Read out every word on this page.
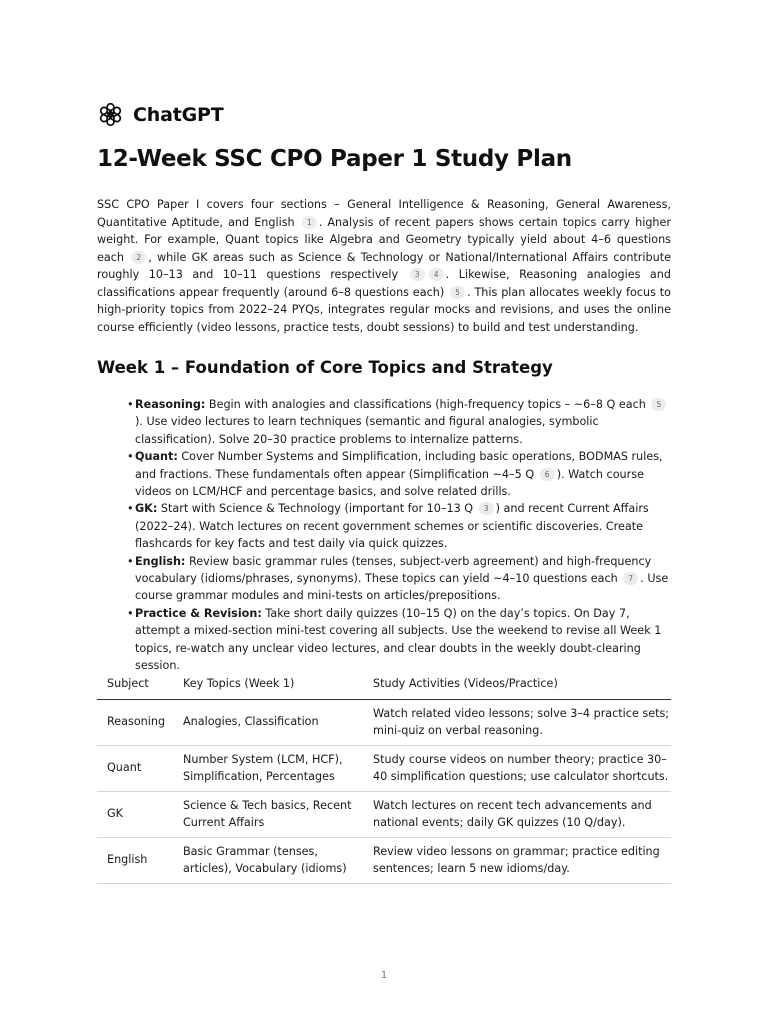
ChatGPT
12-Week SSC CPO Paper 1 Study Plan

SSC CPO Paper I covers four sections – General Intelligence & Reasoning, General Awareness, Quantitative Aptitude, and English 1 . Analysis of recent papers shows certain topics carry higher weight. For example, Quant topics like Algebra and Geometry typically yield about 4–6 questions each 2 , while GK areas such as Science & Technology or National/International Affairs contribute roughly 10–13 and 10–11 questions respectively 3 4 . Likewise, Reasoning analogies and classifications appear frequently (around 6–8 questions each) 5 . This plan allocates weekly focus to high-priority topics from 2022–24 PYQs, integrates regular mocks and revisions, and uses the online course efficiently (video lessons, practice tests, doubt sessions) to build and test understanding.

Week 1 – Foundation of Core Topics and Strategy
• Reasoning: Begin with analogies and classifications (high-frequency topics – ~6–8 Q each 5). Use video lectures to learn techniques (semantic and figural analogies, symbolic classification). Solve 20–30 practice problems to internalize patterns.
• Quant: Cover Number Systems and Simplification, including basic operations, BODMAS rules, and fractions. These fundamentals often appear (Simplification ~4–5 Q 6 ). Watch course videos on LCM/HCF and percentage basics, and solve related drills.
• GK: Start with Science & Technology (important for 10–13 Q 3 ) and recent Current Affairs (2022–24). Watch lectures on recent government schemes or scientific discoveries. Create flashcards for key facts and test daily via quick quizzes.
• English: Review basic grammar rules (tenses, subject-verb agreement) and high-frequency vocabulary (idioms/phrases, synonyms). These topics can yield ~4–10 questions each 7 . Use course grammar modules and mini-tests on articles/prepositions.
• Practice & Revision: Take short daily quizzes (10–15 Q) on the day’s topics. On Day 7, attempt a mixed-section mini-test covering all subjects. Use the weekend to revise all Week 1 topics, re-watch any unclear video lectures, and clear doubts in the weekly doubt-clearing session.
Subject	Key Topics (Week 1)	Study Activities (Videos/Practice)
Reasoning	Analogies, Classification	Watch related video lessons; solve 3–4 practice sets; mini-quiz on verbal reasoning.
Quant	Number System (LCM, HCF), Simplification, Percentages	Study course videos on number theory; practice 30–40 simplification questions; use calculator shortcuts.
GK	Science & Tech basics, Recent Current Affairs	Watch lectures on recent tech advancements and national events; daily GK quizzes (10 Q/day).
English	Basic Grammar (tenses, articles), Vocabulary (idioms)	Review video lessons on grammar; practice editing sentences; learn 5 new idioms/day.
1
